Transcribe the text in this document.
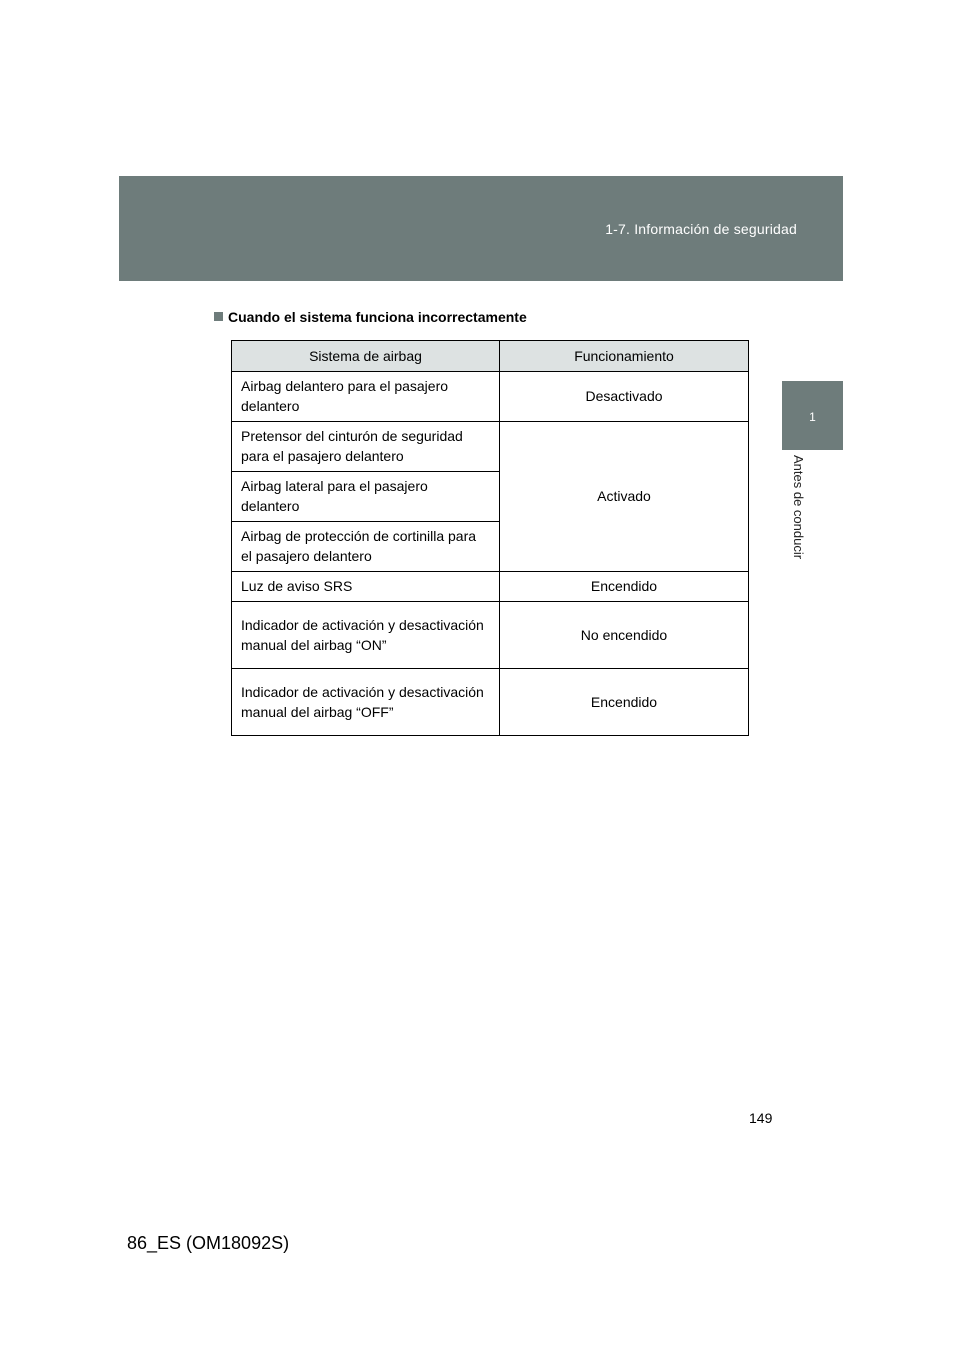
1-7. Información de seguridad
1
Antes de conducir
Cuando el sistema funciona incorrectamente
Sistema de airbag	Funcionamiento
Airbag delantero para el pasajero delantero	Desactivado
Pretensor del cinturón de seguridad para el pasajero delantero	Activado
Airbag lateral para el pasajero delantero	
Airbag de protección de cortinilla para el pasajero delantero	
Luz de aviso SRS	Encendido
Indicador de activación y desactivación manual del airbag “ON”	No encendido
Indicador de activación y desactivación manual del airbag “OFF”	Encendido
149
86_ES (OM18092S)
